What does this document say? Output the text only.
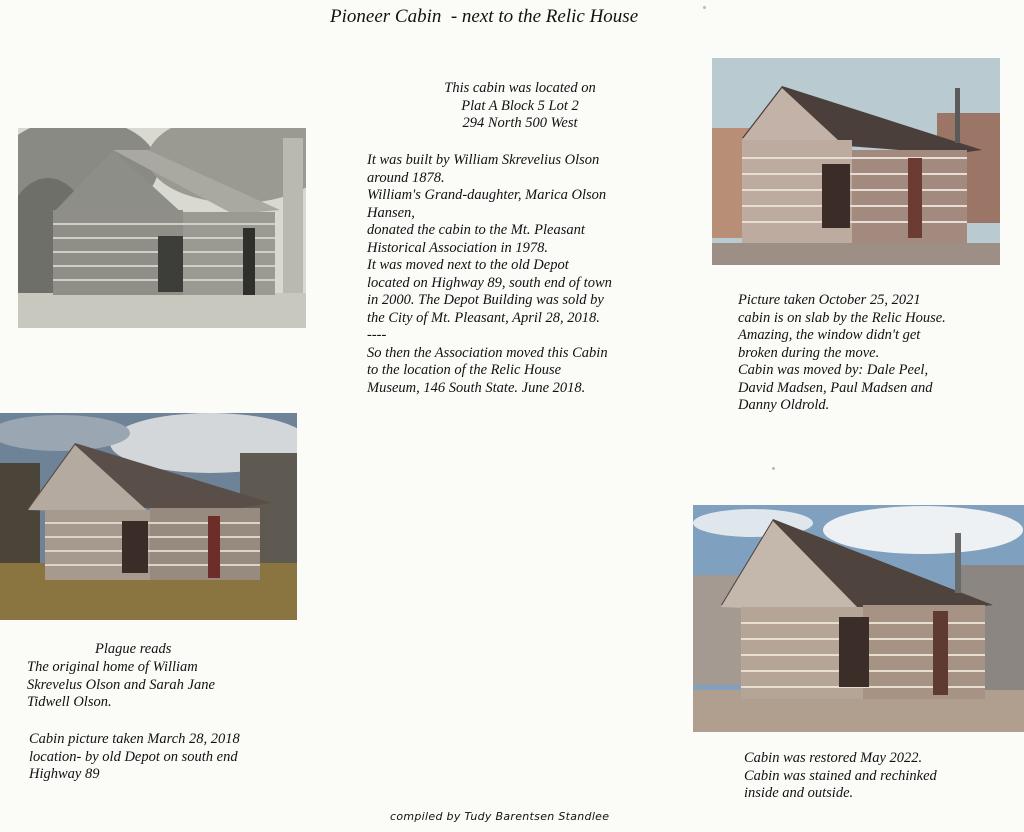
Pioneer Cabin  - next to the Relic House
This cabin was located on
Plat A Block 5 Lot 2
294 North 500 West
It was built by William Skrevelius Olson
around 1878.
William's Grand-daughter, Marica Olson
Hansen,
donated the cabin to the Mt. Pleasant
Historical Association in 1978.
It was moved next to the old Depot
located on Highway 89, south end of town
in 2000. The Depot Building was sold by
the City of Mt. Pleasant, April 28, 2018.
----
So then the Association moved this Cabin
to the location of the Relic House
Museum, 146 South State. June 2018.
Picture taken October 25, 2021
cabin is on slab by the Relic House.
Amazing, the window didn't get
broken during the move.
Cabin was moved by: Dale Peel,
David Madsen, Paul Madsen and
Danny Oldrold.
Plague reads
The original home of William
Skrevelus Olson and Sarah Jane
Tidwell Olson.
Cabin picture taken March 28, 2018
location- by old Depot on south end
Highway 89
Cabin was restored May 2022.
Cabin was stained and rechinked
inside and outside.
compiled by Tudy Barentsen Standlee
